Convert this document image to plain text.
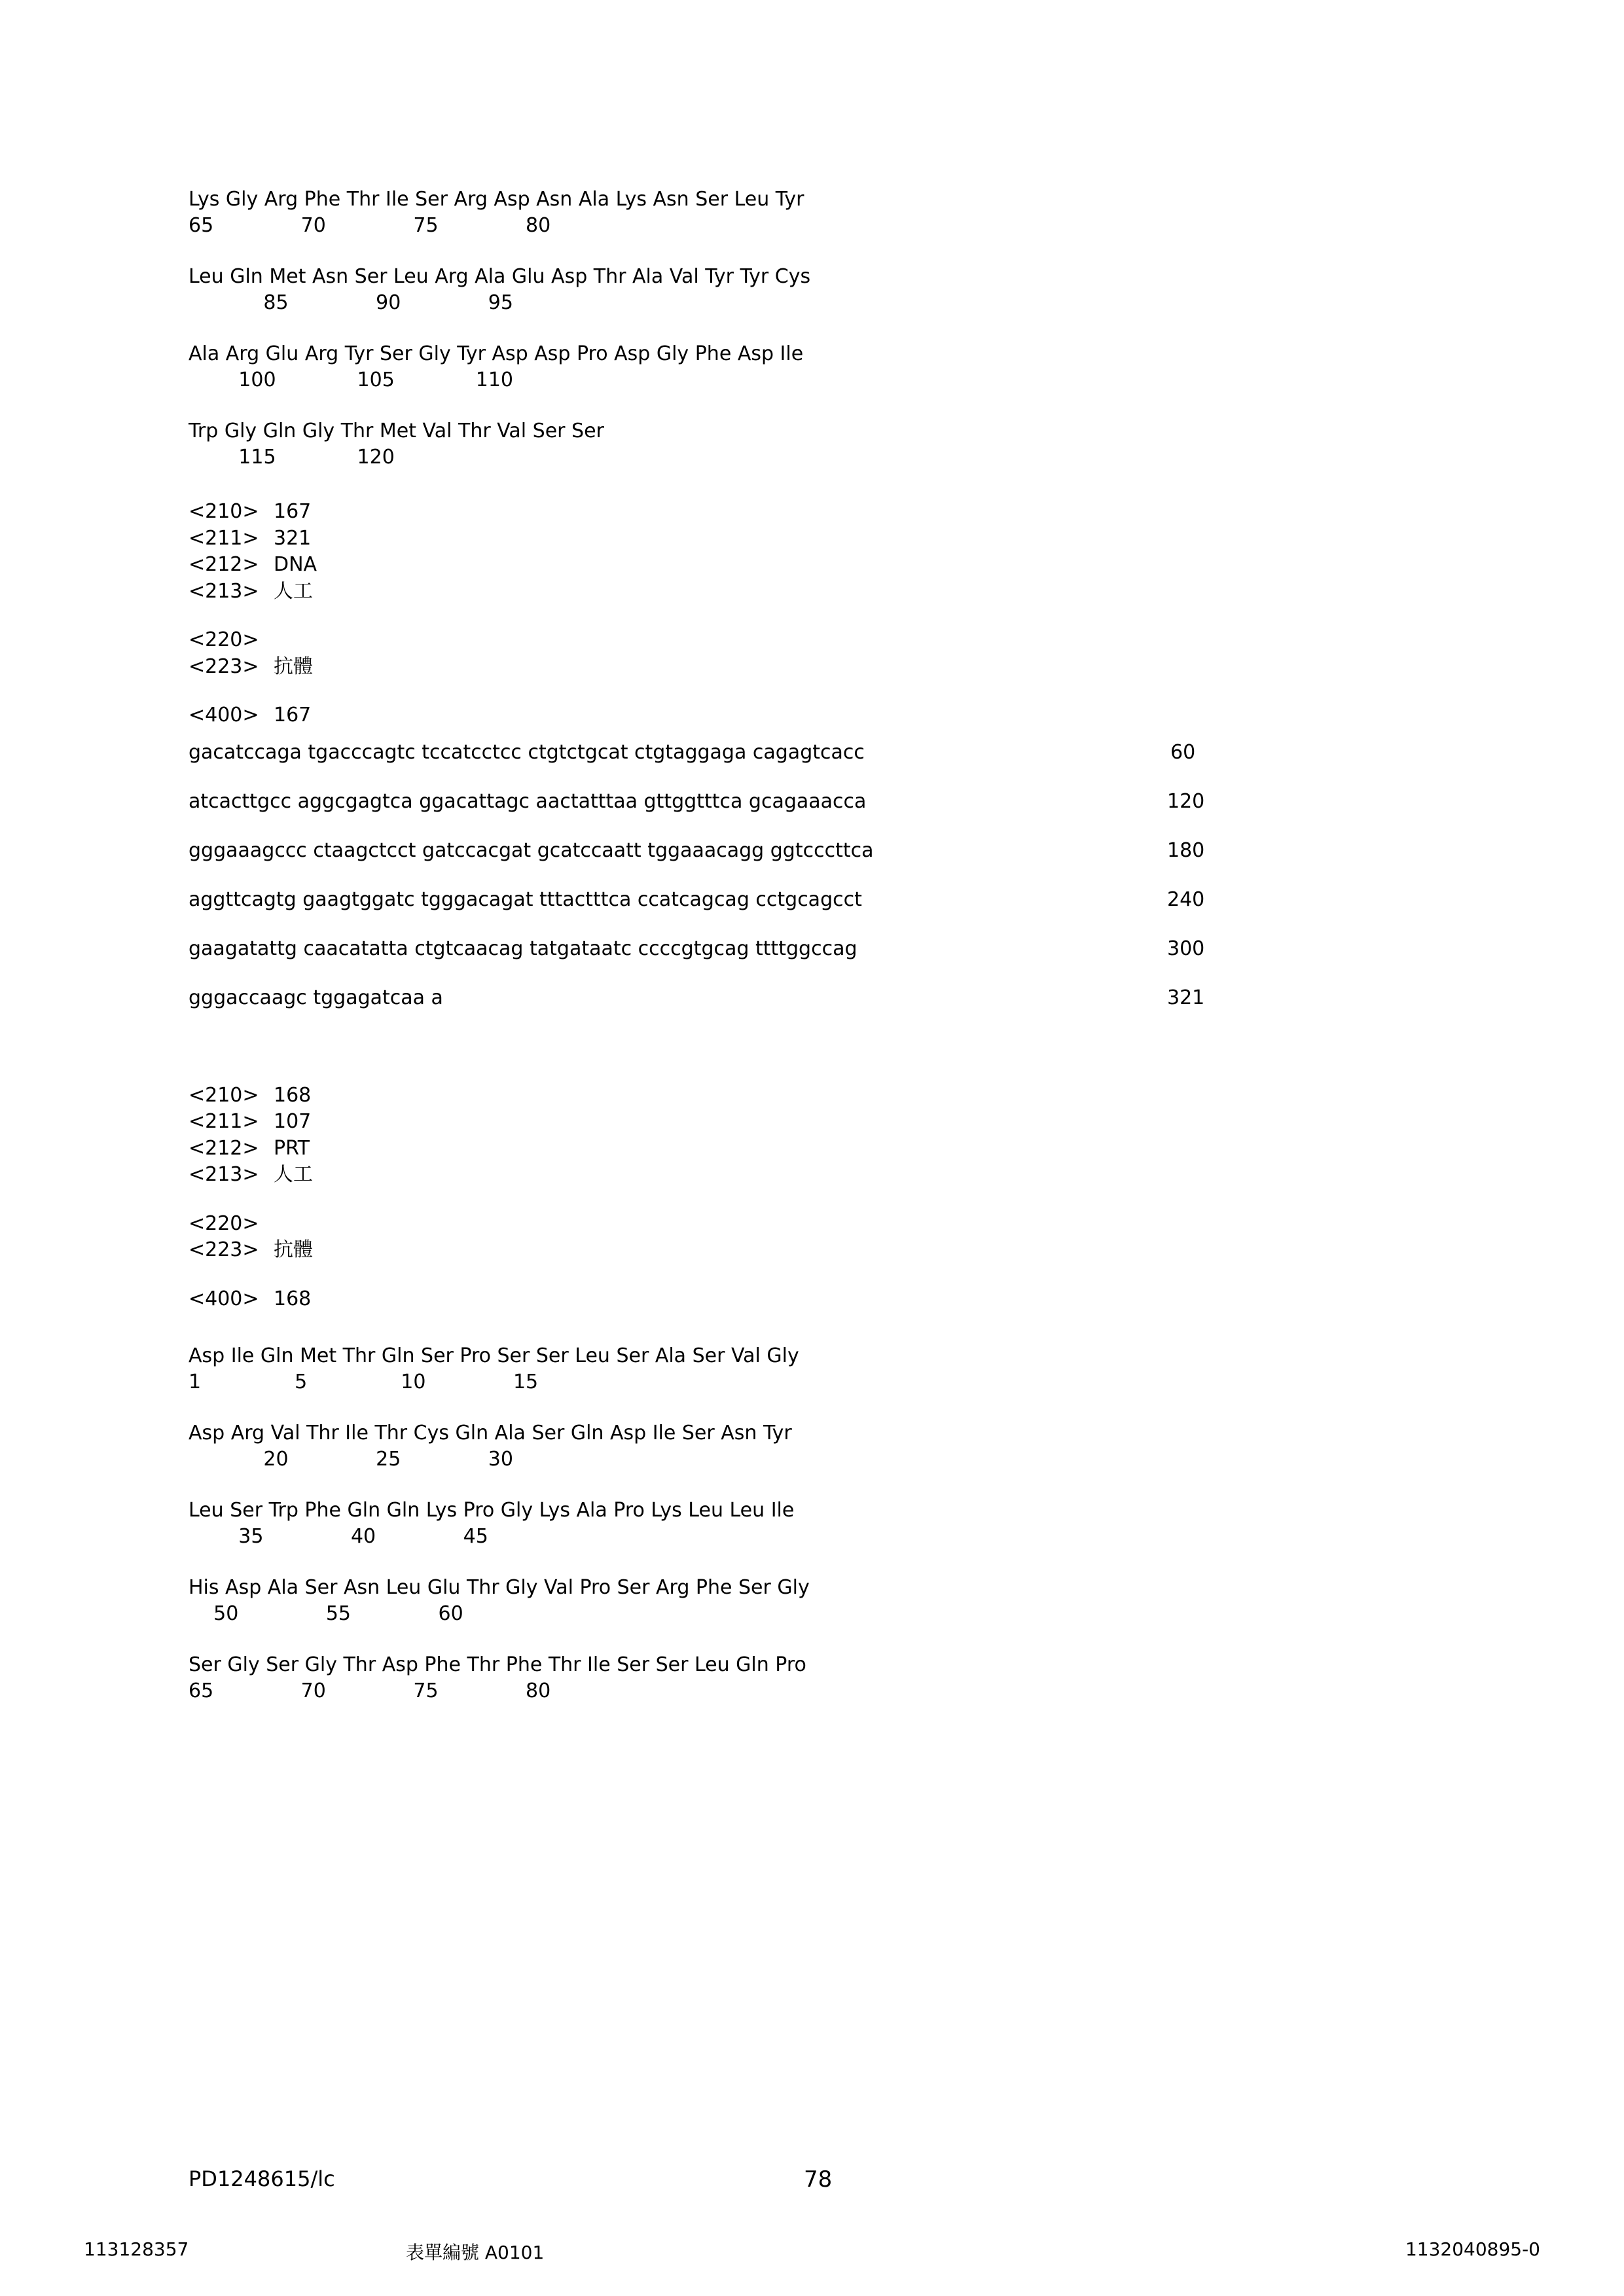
Lys Gly Arg Phe Thr Ile Ser Arg Asp Asn Ala Lys Asn Ser Leu Tyr
65              70              75              80
Leu Gln Met Asn Ser Leu Arg Ala Glu Asp Thr Ala Val Tyr Tyr Cys
85              90              95
Ala Arg Glu Arg Tyr Ser Gly Tyr Asp Asp Pro Asp Gly Phe Asp Ile
100             105             110
Trp Gly Gln Gly Thr Met Val Thr Val Ser Ser
115             120
<210> 167
<211> 321
<212> DNA
<213> 人工
<220>
<223> 抗體
<400> 167
gacatccaga tgacccagtc tccatcctcc ctgtctgcat ctgtaggaga cagagtcacc	60
atcacttgcc aggcgagtca ggacattagc aactatttaa gttggtttca gcagaaacca	120
gggaaagccc ctaagctcct gatccacgat gcatccaatt tggaaacagg ggtcccttca	180
aggttcagtg gaagtggatc tgggacagat tttactttca ccatcagcag cctgcagcct	240
gaagatattg caacatatta ctgtcaacag tatgataatc ccccgtgcag ttttggccag	300
gggaccaagc tggagatcaa a	321
<210> 168
<211> 107
<212> PRT
<213> 人工
<220>
<223> 抗體
<400> 168
Asp Ile Gln Met Thr Gln Ser Pro Ser Ser Leu Ser Ala Ser Val Gly
1               5               10              15
Asp Arg Val Thr Ile Thr Cys Gln Ala Ser Gln Asp Ile Ser Asn Tyr
20              25              30
Leu Ser Trp Phe Gln Gln Lys Pro Gly Lys Ala Pro Lys Leu Leu Ile
35              40              45
His Asp Ala Ser Asn Leu Glu Thr Gly Val Pro Ser Arg Phe Ser Gly
50              55              60
Ser Gly Ser Gly Thr Asp Phe Thr Phe Thr Ile Ser Ser Leu Gln Pro
65              70              75              80
PD1248615/lc	78
113128357	表單編號 A0101	1132040895-0
